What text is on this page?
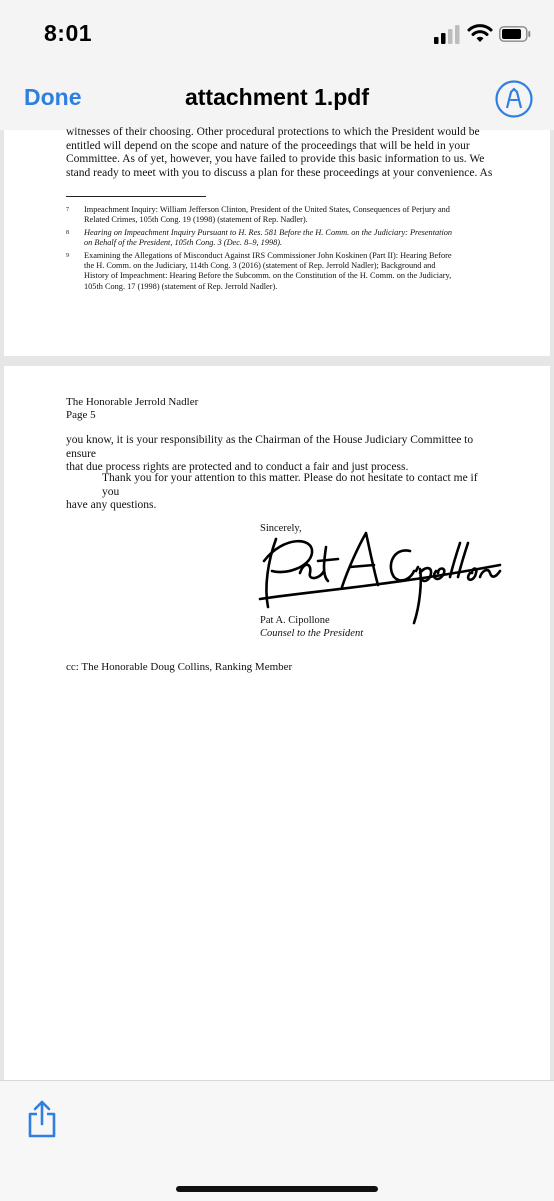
8:01
attachment 1.pdf
Done
witnesses of their choosing. Other procedural protections to which the President would be
entitled will depend on the scope and nature of the proceedings that will be held in your
Committee. As of yet, however, you have failed to provide this basic information to us. We
stand ready to meet with you to discuss a plan for these proceedings at your convenience. As
7 Impeachment Inquiry: William Jefferson Clinton, President of the United States, Consequences of Perjury and
Related Crimes, 105th Cong. 19 (1998) (statement of Rep. Nadler).
8 Hearing on Impeachment Inquiry Pursuant to H. Res. 581 Before the H. Comm. on the Judiciary: Presentation
on Behalf of the President, 105th Cong. 3 (Dec. 8–9, 1998).
9 Examining the Allegations of Misconduct Against IRS Commissioner John Koskinen (Part II): Hearing Before
the H. Comm. on the Judiciary, 114th Cong. 3 (2016) (statement of Rep. Jerrold Nadler); Background and
History of Impeachment: Hearing Before the Subcomm. on the Constitution of the H. Comm. on the Judiciary,
105th Cong. 17 (1998) (statement of Rep. Jerrold Nadler).
The Honorable Jerrold Nadler
Page 5
you know, it is your responsibility as the Chairman of the House Judiciary Committee to ensure
that due process rights are protected and to conduct a fair and just process.
Thank you for your attention to this matter. Please do not hesitate to contact me if you
have any questions.
Sincerely,
Pat A. Cipollone
Counsel to the President
cc: The Honorable Doug Collins, Ranking Member
